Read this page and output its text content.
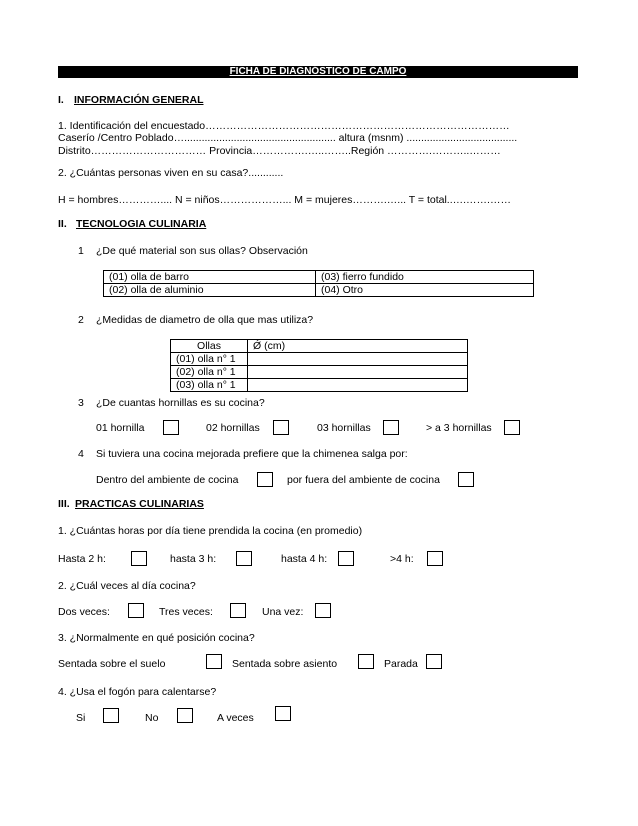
FICHA DE DIAGNÓSTICO DE CAMPO
I. INFORMACIÓN GENERAL
1. Identificación del encuestado……………………………………………………………………………
Caserío /Centro Poblado….................................................... altura (msnm) ......................................
Distrito…………………………… Provincia…………….…..……..Región ………….………..………
2. ¿Cuántas personas viven en su casa?............
H = hombres………….... N = niños………………... M = mujeres……….…... T = total..….…….……
II. TECNOLOGIA CULINARIA
1 ¿De qué material son sus ollas? Observación
(01) olla de barro	(03) fierro fundido
(02) olla de aluminio	(04) Otro
2 ¿Medidas de diametro de olla que mas utiliza?
Ollas	Ǿ (cm)
(01) olla n° 1	
(02) olla n° 1	
(03) olla n° 1	
3 ¿De cuantas hornillas es su cocina?
01 hornilla	02 hornillas	03 hornillas	> a 3 hornillas
4 Si tuviera una cocina mejorada prefiere que la chimenea salga por:
Dentro del ambiente de cocina	por fuera del ambiente de cocina
III. PRACTICAS CULINARIAS
1. ¿Cuántas horas por día tiene prendida la cocina (en promedio)
Hasta 2 h:	hasta 3 h:	hasta 4 h:	>4 h:
2. ¿Cuál veces al día cocina?
Dos veces:	Tres veces:	Una vez:
3. ¿Normalmente en qué posición cocina?
Sentada sobre el suelo	Sentada sobre asiento	Parada
4. ¿Usa el fogón para calentarse?
Si	No	A veces
